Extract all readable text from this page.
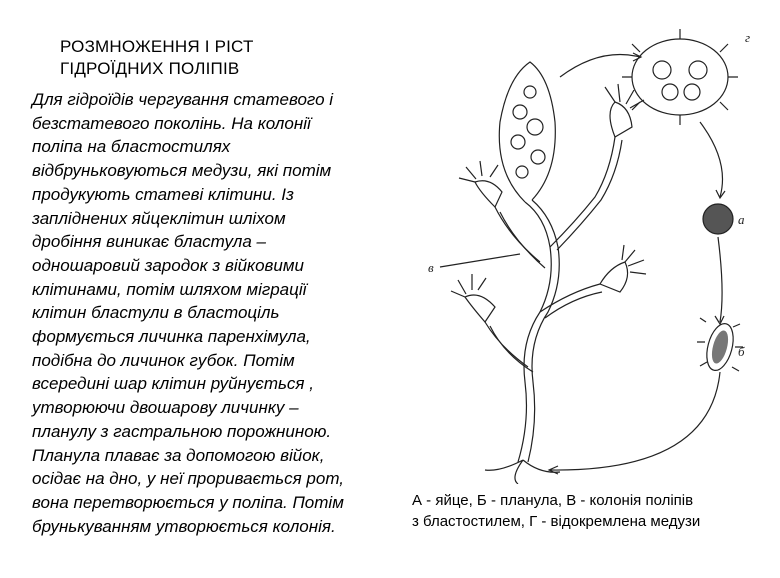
РОЗМНОЖЕННЯ І РІСТ
ГІДРОЇДНИХ ПОЛІПІВ
Для гідроїдів чергування статевого і
безстатевого поколінь. На колонії
поліпа на бластостилях
відбруньковуються медузи, які потім
продукують статеві клітини. Із
запліднених яйцеклітин шліхом
дробіння виникає бластула –
одношаровий зародок з війковими
клітинами, потім шляхом міграції
клітин бластули в бластоціль
формується личинка паренхімула,
подібна до личинок губок. Потім
всередині шар клітин руйнується ,
утворюючи двошарову личинку –
планулу з гастральною порожниною.
Планула плаває за допомогою війок,
осідає на дно, у неї проривається рот,
вона перетворюється у поліпа. Потім
брунькуванням утворюється колонія.
г
а
б
в
А - яйце, Б - планула, В - колонія поліпів
з бластостилем, Г - відокремлена медузи
